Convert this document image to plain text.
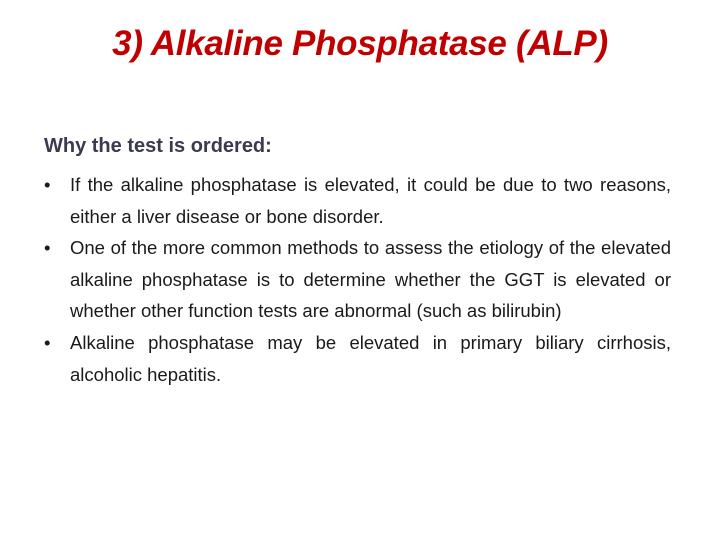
3) Alkaline Phosphatase (ALP)
Why the test is ordered:
•	If the alkaline phosphatase is elevated, it could be due to two reasons, either a liver disease or bone disorder.
•	One of the more common methods to assess the etiology of the elevated alkaline phosphatase is to determine whether the GGT is elevated or whether other function tests are abnormal (such as bilirubin)
•	Alkaline phosphatase may be elevated in primary biliary cirrhosis, alcoholic hepatitis.
